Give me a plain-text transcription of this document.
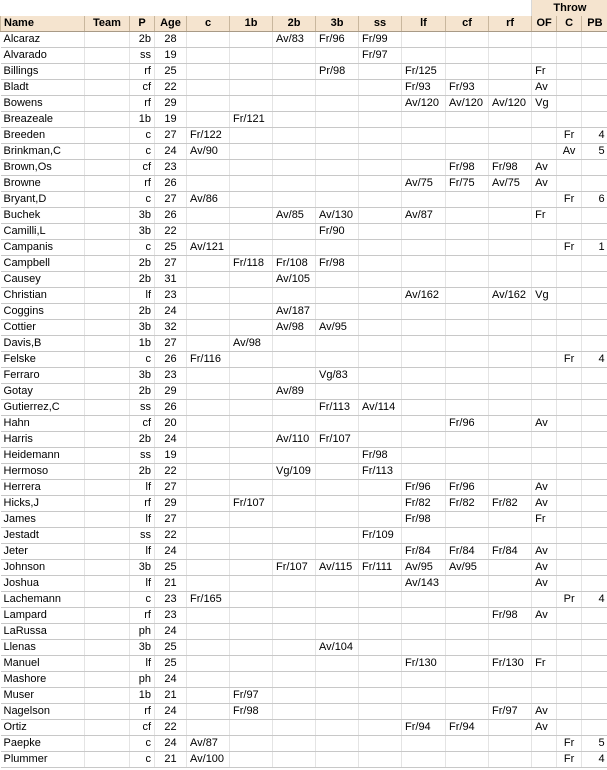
												Throw		
Name	Team	P	Age	c	1b	2b	3b	ss	lf	cf	rf	OF	C	PB
Alcaraz		2b	28			Av/83	Fr/96	Fr/99						
Alvarado		ss	19					Fr/97						
Billings		rf	25				Pr/98		Fr/125			Fr		
Bladt		cf	22						Fr/93	Fr/93		Av		
Bowens		rf	29						Av/120	Av/120	Av/120	Vg		
Breazeale		1b	19		Fr/121									
Breeden		c	27	Fr/122									Fr	4
Brinkman,C		c	24	Av/90									Av	5
Brown,Os		cf	23							Fr/98	Fr/98	Av		
Browne		rf	26						Av/75	Fr/75	Av/75	Av		
Bryant,D		c	27	Av/86									Fr	6
Buchek		3b	26			Av/85	Av/130		Av/87			Fr		
Camilli,L		3b	22				Fr/90							
Campanis		c	25	Av/121									Fr	1
Campbell		2b	27		Fr/118	Fr/108	Fr/98							
Causey		2b	31			Av/105								
Christian		lf	23						Av/162		Av/162	Vg		
Coggins		2b	24			Av/187								
Cottier		3b	32			Av/98	Av/95							
Davis,B		1b	27		Av/98									
Felske		c	26	Fr/116									Fr	4
Ferraro		3b	23				Vg/83							
Gotay		2b	29			Av/89								
Gutierrez,C		ss	26				Fr/113	Av/114						
Hahn		cf	20							Fr/96		Av		
Harris		2b	24			Av/110	Fr/107							
Heidemann		ss	19					Fr/98						
Hermoso		2b	22			Vg/109		Fr/113						
Herrera		lf	27						Fr/96	Fr/96		Av		
Hicks,J		rf	29		Fr/107				Fr/82	Fr/82	Fr/82	Av		
James		lf	27						Fr/98			Fr		
Jestadt		ss	22					Fr/109						
Jeter		lf	24						Fr/84	Fr/84	Fr/84	Av		
Johnson		3b	25			Fr/107	Av/115	Fr/111	Av/95	Av/95		Av		
Joshua		lf	21						Av/143			Av		
Lachemann		c	23	Fr/165									Pr	4
Lampard		rf	23								Fr/98	Av		
LaRussa		ph	24											
Llenas		3b	25				Av/104							
Manuel		lf	25						Fr/130		Fr/130	Fr		
Mashore		ph	24											
Muser		1b	21		Fr/97									
Nagelson		rf	24		Fr/98						Fr/97	Av		
Ortiz		cf	22						Fr/94	Fr/94		Av		
Paepke		c	24	Av/87									Fr	5
Plummer		c	21	Av/100									Fr	4
